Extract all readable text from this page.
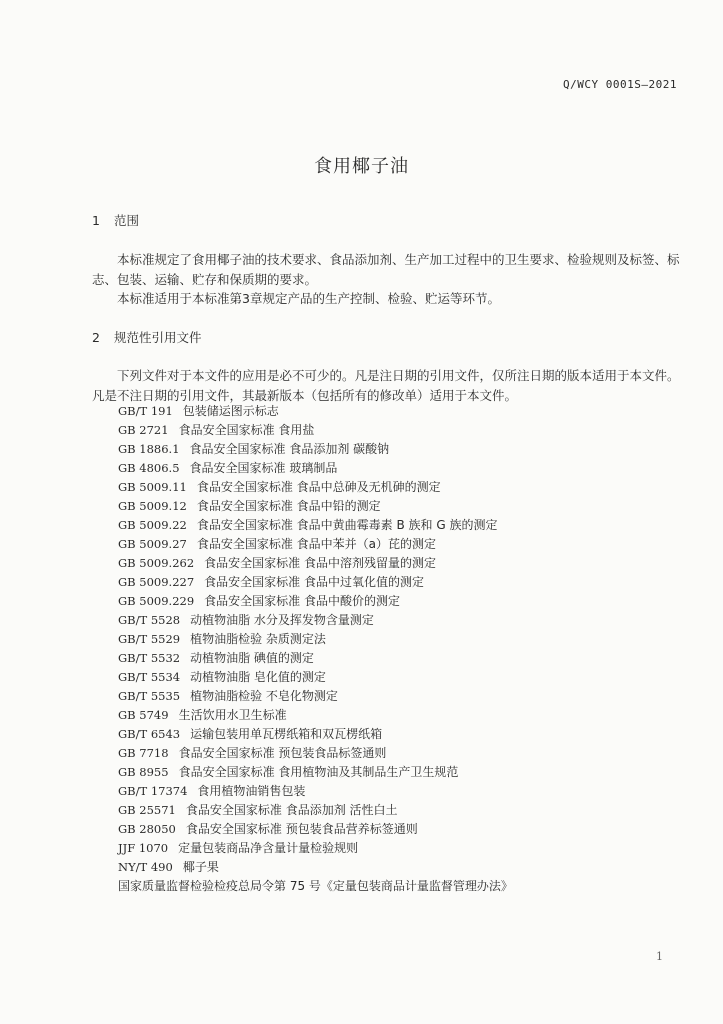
Q/WCY 0001S—2021
食用椰子油
1 范围

本标准规定了食用椰子油的技术要求、食品添加剂、生产加工过程中的卫生要求、检验规则及标签、标志、包装、运输、贮存和保质期的要求。

本标准适用于本标准第3章规定产品的生产控制、检验、贮运等环节。

2 规范性引用文件

下列文件对于本文件的应用是必不可少的。凡是注日期的引用文件，仅所注日期的版本适用于本文件。凡是不注日期的引用文件，其最新版本（包括所有的修改单）适用于本文件。

GB/T 191 包装储运图示标志
GB 2721 食品安全国家标准 食用盐
GB 1886.1 食品安全国家标准 食品添加剂 碳酸钠
GB 4806.5 食品安全国家标准 玻璃制品
GB 5009.11 食品安全国家标准 食品中总砷及无机砷的测定
GB 5009.12 食品安全国家标准 食品中铅的测定
GB 5009.22 食品安全国家标准 食品中黄曲霉毒素 B 族和 G 族的测定
GB 5009.27 食品安全国家标准 食品中苯并（a）芘的测定
GB 5009.262 食品安全国家标准 食品中溶剂残留量的测定
GB 5009.227 食品安全国家标准 食品中过氧化值的测定
GB 5009.229 食品安全国家标准 食品中酸价的测定
GB/T 5528 动植物油脂 水分及挥发物含量测定
GB/T 5529 植物油脂检验 杂质测定法
GB/T 5532 动植物油脂 碘值的测定
GB/T 5534 动植物油脂 皂化值的测定
GB/T 5535 植物油脂检验 不皂化物测定
GB 5749 生活饮用水卫生标准
GB/T 6543 运输包装用单瓦楞纸箱和双瓦楞纸箱
GB 7718 食品安全国家标准 预包装食品标签通则
GB 8955 食品安全国家标准 食用植物油及其制品生产卫生规范
GB/T 17374 食用植物油销售包装
GB 25571 食品安全国家标准 食品添加剂 活性白土
GB 28050 食品安全国家标准 预包装食品营养标签通则
JJF 1070 定量包装商品净含量计量检验规则
NY/T 490 椰子果
国家质量监督检验检疫总局令第 75 号《定量包装商品计量监督管理办法》
1
